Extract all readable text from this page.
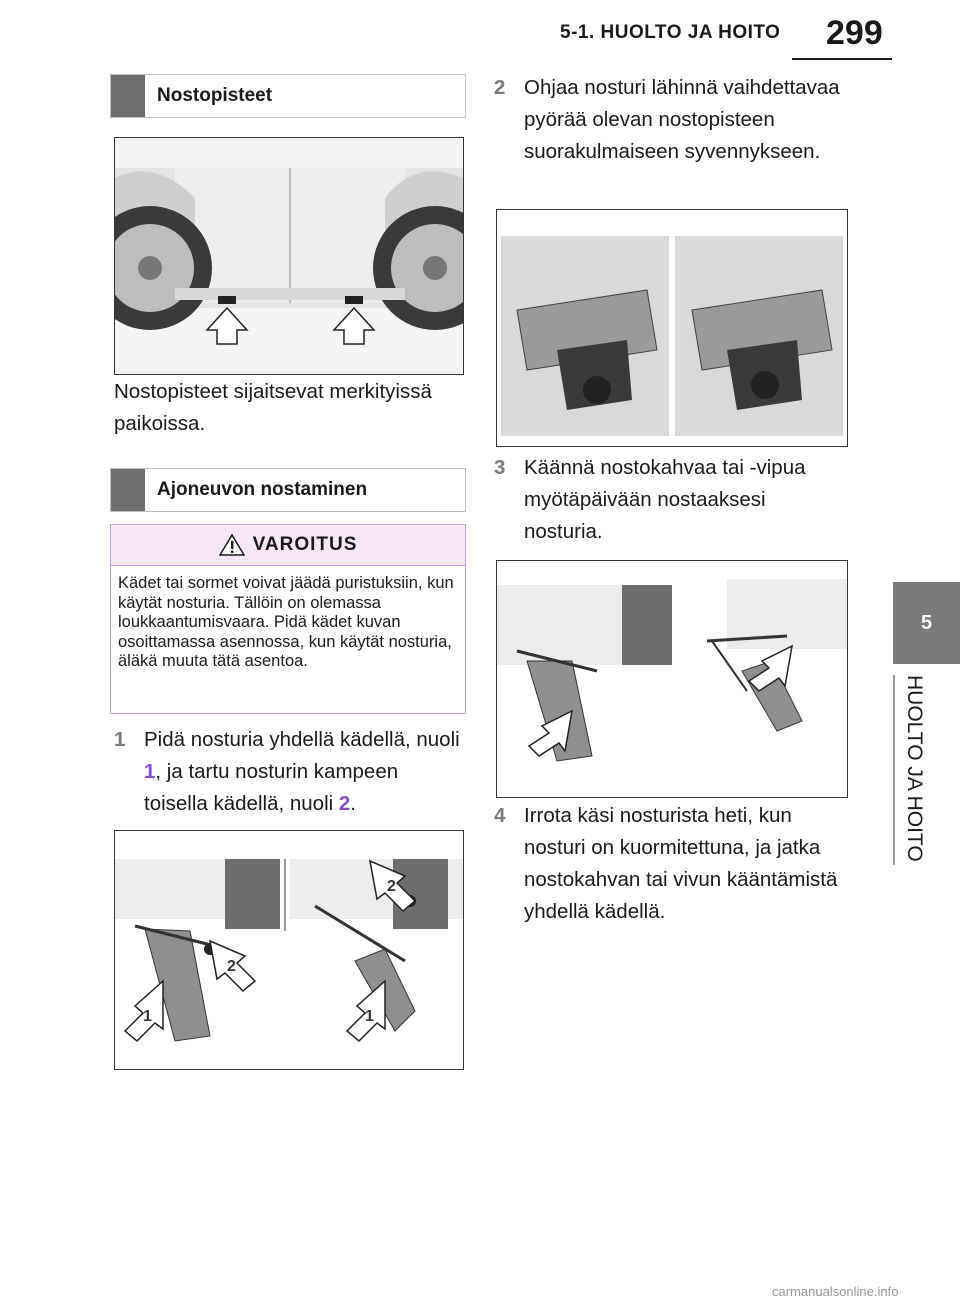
5-1. HUOLTO JA HOITO 299
5
HUOLTO JA HOITO
Nostopisteet
Nostopisteet sijaitsevat merkityissä paikoissa.
Ajoneuvon nostaminen
VAROITUS
Kädet tai sormet voivat jäädä puristuksiin, kun käytät nosturia. Tällöin on olemassa loukkaantumisvaara. Pidä kädet kuvan osoittamassa asennossa, kun käytät nosturia, äläkä muuta tätä asentoa.
1 Pidä nosturia yhdellä kädellä, nuoli 1, ja tartu nosturin kampeen toisella kädellä, nuoli 2.
1	1
2
2
2 Ohjaa nosturi lähinnä vaihdettavaa pyörää olevan nostopisteen suorakulmaiseen syvennykseen.
3 Käännä nostokahvaa tai -vipua myötäpäivään nostaaksesi nosturia.
4 Irrota käsi nosturista heti, kun nosturi on kuormitettuna, ja jatka nostokahvan tai vivun kääntämistä yhdellä kädellä.
carmanualsonline.info
